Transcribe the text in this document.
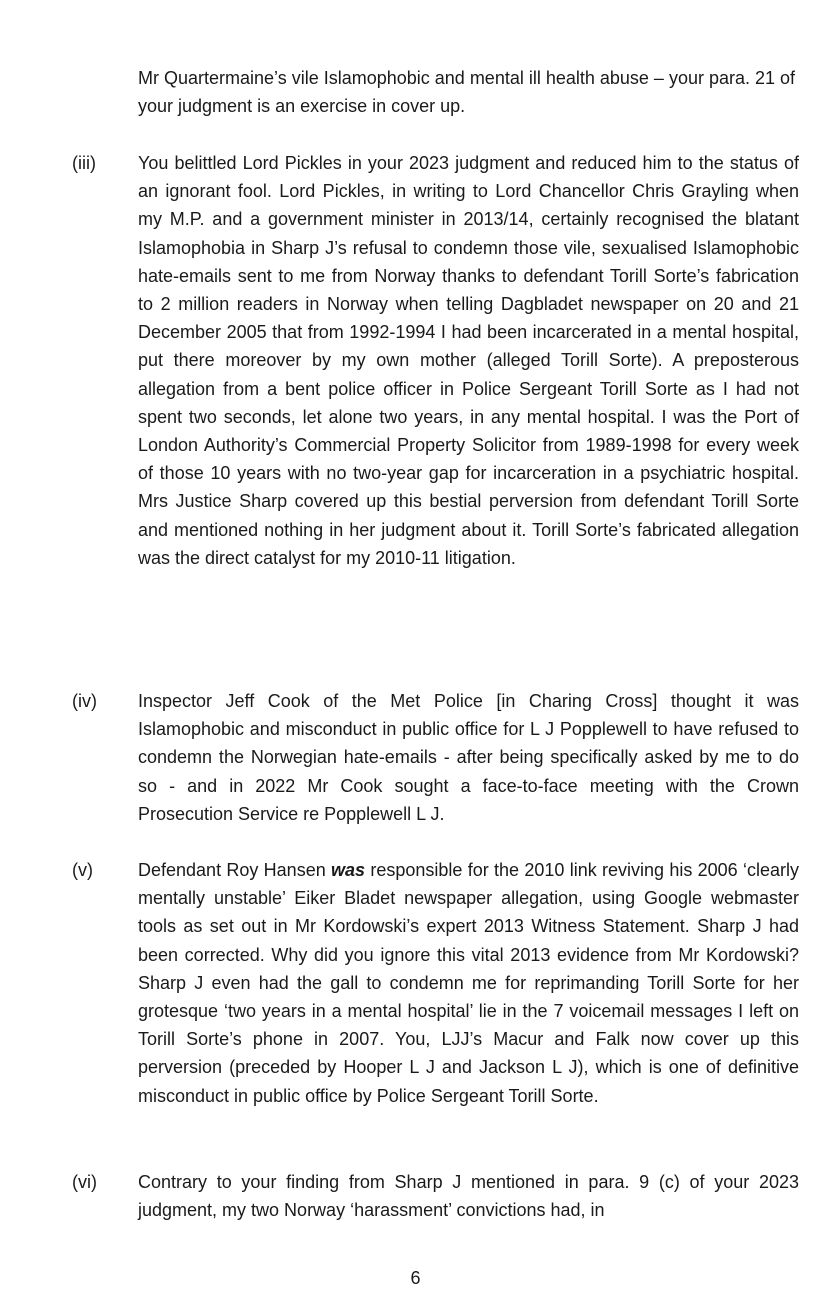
Mr Quartermaine’s vile Islamophobic and mental ill health abuse – your para. 21 of your judgment is an exercise in cover up.

(iii) You belittled Lord Pickles in your 2023 judgment and reduced him to the status of an ignorant fool. Lord Pickles, in writing to Lord Chancellor Chris Grayling when my M.P. and a government minister in 2013/14, certainly recognised the blatant Islamophobia in Sharp J’s refusal to condemn those vile, sexualised Islamophobic hate-emails sent to me from Norway thanks to defendant Torill Sorte’s fabrication to 2 million readers in Norway when telling Dagbladet newspaper on 20 and 21 December 2005 that from 1992-1994 I had been incarcerated in a mental hospital, put there moreover by my own mother (alleged Torill Sorte). A preposterous allegation from a bent police officer in Police Sergeant Torill Sorte as I had not spent two seconds, let alone two years, in any mental hospital. I was the Port of London Authority’s Commercial Property Solicitor from 1989-1998 for every week of those 10 years with no two-year gap for incarceration in a psychiatric hospital. Mrs Justice Sharp covered up this bestial perversion from defendant Torill Sorte and mentioned nothing in her judgment about it. Torill Sorte’s fabricated allegation was the direct catalyst for my 2010-11 litigation.

(iv) Inspector Jeff Cook of the Met Police [in Charing Cross] thought it was Islamophobic and misconduct in public office for L J Popplewell to have refused to condemn the Norwegian hate-emails - after being specifically asked by me to do so - and in 2022 Mr Cook sought a face-to-face meeting with the Crown Prosecution Service re Popplewell L J.

(v)	Defendant Roy Hansen was responsible for the 2010 link reviving his 2006 ‘clearly mentally unstable’ Eiker Bladet newspaper allegation, using Google webmaster tools as set out in Mr Kordowski’s expert 2013 Witness Statement. Sharp J had been corrected. Why did you ignore this vital 2013 evidence from Mr Kordowski? Sharp J even had the gall to condemn me for reprimanding Torill Sorte for her grotesque ‘two years in a mental hospital’ lie in the 7 voicemail messages I left on Torill Sorte’s phone in 2007. You, LJJ’s Macur and Falk now cover up this perversion (preceded by Hooper L J and Jackson L J), which is one of definitive misconduct in public office by Police Sergeant Torill Sorte.

(vi) Contrary to your finding from Sharp J mentioned in para. 9 (c) of your 2023 judgment, my two Norway ‘harassment’ convictions had, in

6
